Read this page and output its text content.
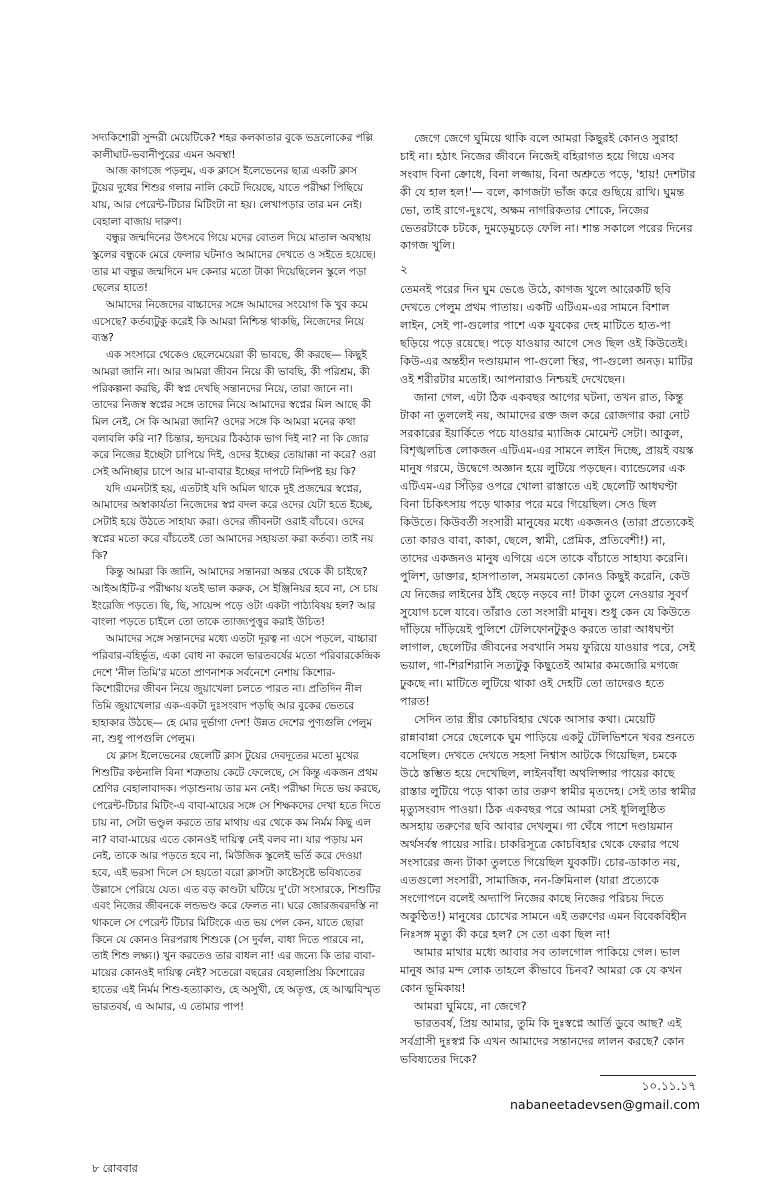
সদ্যকিশোরী সুন্দরী মেয়েটিকে? শহর কলকাতার বুকে ভদ্রলোকের পল্লি কালীঘাট-ভবানীপুরের এমন অবস্থা!

আজ কাগজে পড়লুম, এক ক্লাসে ইলেভেনের ছাত্র একটি ক্লাস টুয়ের দুধের শিশুর গলার নালি কেটে দিয়েছে, যাতে পরীক্ষা পিছিয়ে যায়, আর পেরেন্ট-টিচার মিটিংটা না হয়। লেখাপড়ার তার মন নেই। বেহালা বাজায় দারুণ।

বন্ধুর জন্মদিনের উৎসবে গিয়ে মদের বোতল দিয়ে মাতাল অবস্থায় স্কুলের বন্ধুকে মেরে ফেলার ঘটনাও আমাদের দেখতে ও সইতে হয়েছে। তার মা বন্ধুর জন্মদিনে মদ কেনার মতো টাকা দিয়েছিলেন স্কুলে পড়া ছেলের হাতে!

আমাদের নিজেদের বাচ্চাদের সঙ্গে আমাদের সংযোগ কি খুব কমে এসেছে? কর্তব্যটুকু করেই কি আমরা নিশ্চিন্ত থাকছি, নিজেদের নিয়ে ব্যস্ত?

এক সংসারে থেকেও ছেলেমেয়েরা কী ভাবছে, কী করছে— কিছুই আমরা জানি না। আর আমরা জীবন নিয়ে কী ভাবছি, কী পরিশ্রম, কী পরিকল্পনা করছি, কী স্বপ্ন দেখছি সন্তানদের নিয়ে, তারা জানে না। তাদের নিজস্ব স্বপ্নের সঙ্গে তাদের নিয়ে আমাদের স্বপ্নের মিল আছে কী মিল নেই, সে কি আমরা জানি? ওদের সঙ্গে কি আমরা মনের কথা বলাবলি করি না? চিন্তার, হৃদয়ের ঠিকঠাক ভাগ দিই না? না কি জোর করে নিজের ইচ্ছেটা চাপিয়ে দিই, ওদের ইচ্ছের তোয়াক্কা না করে? ওরা সেই অনিচ্ছার চাপে আর মা-বাবার ইচ্ছের দাপটে নিষ্পিষ্ট হয় কি?

যদি এমনটাই হয়, এতটাই যদি অমিল থাকে দুই প্রজন্মের স্বপ্নের, আমাদের অস্বাকার্যতা নিজেদের স্বপ্ন বদল করে ওদের যেটা হতে ইচ্ছে, সেটাই হয়ে উঠতে সাহায্য করা। ওদের জীবনটা ওরাই বাঁচবে। ওদের স্বপ্নের মতো করে বাঁচতেই তো আমাদের সহায়তা করা কর্তব্য। তাই নয় কি?

কিন্তু আমরা কি জানি, আমাদের সন্তানরা অন্তর থেকে কী চাইছে? আইআইটি-র পরীক্ষায় যতই ভাল করুক, সে ইঞ্জিনিয়র হবে না, সে চায় ইংরেজি পড়তে। ছি, ছি, সায়েন্স পড়ে ওটা একটা পাঠ্যবিষয় হল? আর বাংলা পড়তে চাইলে তো তাকে ত্যাজ্যপুত্তুর করাই উচিত!

আমাদের সঙ্গে সন্তানদের মধ্যে এতটা দূরত্ব না এসে পড়লে, বাচ্চারা পরিবার-বহির্ভূত, একা বোধ না করলে ভারতবর্ষের মতো পরিবারকেন্দ্রিক দেশে 'নীল তিমি'র মতো প্রাণনাশক সর্বনেশে নেশায় কিশোর-কিশোরীদের জীবন নিয়ে জুয়াখেলা চলতে পারত না। প্রতিদিন নীল তিমি জুয়াখেলার এক-একটা দুঃসংবাদ পড়ছি আর বুকের ভেতরে হাহাকার উঠছে— হে মোর দুর্ভাগা দেশ! উন্নত দেশের পুণ্যগুলি পেলুম না, শুধু পাপগুলি পেলুম।

যে ক্লাস ইলেভেনের ছেলেটি ক্লাস টুয়ের দেবদূতের মতো মুখের শিশুটির কণ্ঠনালি বিনা শত্রুতায় কেটে ফেলেছে, সে কিন্তু একজন প্রথম শ্রেণির বেহালাবাদক। পড়াশুনায় তার মন নেই। পরীক্ষা দিতে ভয় করছে, পেরেন্ট-টিচার মিটিং-এ বাবা-মায়ের সঙ্গে সে শিক্ষকদের দেখা হতে দিতে চায় না, সেটা ভণ্ডুল করতে তার মাথায় এর থেকে কম নির্মম কিছু এল না? বাবা-মায়ের এতে কোনওই দায়িত্ব নেই বলব না। যার পড়ায় মন নেই, তাকে আর পড়তে হবে না, মিউজিক স্কুলেই ভর্তি করে দেওয়া হবে, এই ভরসা দিলে সে হয়তো বরো ক্লাসটা কাষ্টেসৃষ্টে ভবিষ্যতের উল্লাসে পেরিয়ে যেত। এত বড় কাণ্ডটা ঘটিয়ে দু'টো সংসারকে, শিশুটির এবং নিজের জীবনকে লন্ডভণ্ড করে ফেলত না। ঘরে জোরজবরদস্তি না থাকলে সে পেরেন্ট টিচার মিটিংকে এত ভয় পেল কেন, যাতে ছোরা কিনে যে কোনও নিরপরাধ শিশুকে (সে দুর্বল, বাধা দিতে পারবে না, তাই শিশু লক্ষ্য।) খুন করতেও তার বাধল না! এর জন্যে কি তার বাবা-মায়ের কোনওই দায়িত্ব নেই? সতেরো বছরের বেহালাপ্রিয় কিশোরের হাতের এই নির্মম শিশু-হত্যাকাণ্ড, হে অসুখী, হে অতৃপ্ত, হে আত্মবিস্মৃত ভারতবর্ষ, এ আমার, এ তোমার পাপ!

জেগে জেগে ঘুমিয়ে থাকি বলে আমরা কিছুরই কোনও সুরাহা চাই না। হঠাৎ নিজের জীবনে নিজেই বহিরাগত হয়ে গিয়ে এসব সংবাদ বিনা ক্রোধে, বিনা লজ্জায়, বিনা অশ্রুতে পড়ে, 'হায়! দেশটার কী যে হাল হল!'— বলে, কাগজটা ভাঁজ করে গুছিয়ে রাখি। ঘুমন্ত ভো, তাই রাগে-দুঃখে, অক্ষম নাগরিকতার শোকে, নিজের ভেতরটাকে চটকে, দুমড়েমুচড়ে ফেলি না। শান্ত সকালে পরের দিনের কাগজ খুলি।

২

তেমনই পরের দিন ঘুম ভেঙে উঠে, কাগজ খুলে আরেকটি ছবি দেখতে পেলুম প্রথম পাতায়। একটি এটিএম-এর সামনে বিশাল লাইন, সেই পা-গুলোর পাশে এক যুবকের দেহ মাটিতে হাত-পা ছড়িয়ে পড়ে রয়েছে। পড়ে যাওয়ার আগে সেও ছিল ওই কিউতেই। কিউ-এর অন্তহীন দণ্ডায়মান পা-গুলো স্থির, পা-গুলো অনড়। মাটির ওই শরীরটার মতোই। আপনারাও নিশ্চয়ই দেখেছেন।

জানা গেল, এটা ঠিক একবছর আগের ঘটনা, তখন রাত, কিন্তু টাকা না তুললেই নয়, আমাদের রক্ত জল করে রোজগার করা নোট সরকারের ইয়ার্কিতে পচে যাওয়ার ম্যাজিক মোমেন্ট সেটা। আকুল, বিশৃঙ্খলচিত্ত লোকজন এটিএম-এর সামনে লাইন দিচ্ছে, প্রায়ই বয়স্ক মানুষ গরমে, উদ্বেগে অজ্ঞান হয়ে লুটিয়ে পড়ছেন। ব্যান্ডেলের এক এটিএম-এর সিঁড়ির ওপরে খোলা রাস্তাতে এই ছেলেটি আধঘণ্টা বিনা চিকিৎসায় পড়ে থাকার পরে মরে গিয়েছিল। সেও ছিল কিউতে। কিউবর্তী সংসারী মানুষের মধ্যে একজনও (তারা প্রত্যেকেই তো কারও বাবা, কাকা, ছেলে, স্বামী, প্রেমিক, প্রতিবেশী!) না, তাদের একজনও মানুষ এগিয়ে এসে তাকে বাঁচাতে সাহায্য করেনি। পুলিশ, ডাক্তার, হাসপাতাল, সময়মতো কোনও কিছুই করেনি, কেউ যে নিজের লাইনের ঠাঁই ছেড়ে নড়বে না! টাকা তুলে নেওয়ার সুবর্ণ সুযোগ চলে যাবে। তাঁরাও তো সংসারী মানুষ। শুধু কেন যে কিউতে দাঁড়িয়ে দাঁড়িয়েই পুলিশে টেলিফোনটুকুও করতে তারা আধঘণ্টা লাগাল, ছেলেটির জীবনের সবখানি সময় ফুরিয়ে যাওয়ার পরে, সেই ভয়াল, গা-শিরশিরানি সত্যটুকু কিছুতেই আমার কমজোরি মগজে ঢুকছে না। মাটিতে লুটিয়ে থাকা ওই দেহটি তো তাদেরও হতে পারত!

সেদিন তার স্ত্রীর কোচবিহার থেকে আসার কথা। মেয়েটি রান্নাবান্না সেরে ছেলেকে ঘুম পাড়িয়ে একটু টেলিভিশনে খবর শুনতে বসেছিল। দেখতে দেখতে সহসা নিশ্বাস আটকে গিয়েছিল, চমকে উঠে স্তম্ভিত হয়ে দেখেছিল, লাইনবাঁধা অথলিপ্সার পায়ের কাছে রাস্তার লুটিয়ে পড়ে থাকা তার তরুণ স্বামীর মৃতদেহ। সেই তার স্বামীর মৃত্যুসংবাদ পাওয়া। ঠিক একবছর পরে আমরা সেই ধূলিলুষ্ঠিত অসহায় তরুণের ছবি আবার দেখলুম। গা ঘেঁষে পাশে দণ্ডায়মান অর্থসর্বস্ব পায়ের সারি। চাকরিসূত্রে কোচবিহার থেকে ফেরার পথে সংসারের জন্য টাকা তুলতে গিয়েছিল যুবকটি। চোর-ডাকাত নয়, এতগুলো সংসারী, সামাজিক, নন-ক্রিমিনাল (যারা প্রত্যেকে সংগোপনে বলেই অদ্যাপি নিজের কাছে নিজের পরিচয় দিতে অকুণ্ঠিত!) মানুষের চোখের সামনে এই তরুণের এমন বিবেকবিহীন নিঃসঙ্গ মৃত্যু কী করে হল? সে তো একা ছিল না!

আমার মাথার মধ্যে আবার সব তালগোল পাকিয়ে গেল। ভাল মানুষ আর মন্দ লোক তাহলে কীভাবে চিনব? আমরা কে যে কখন কোন ভূমিকায়!

আমরা ঘুমিয়ে, না জেগে?

ভারতবর্ষ, প্রিয় আমার, তুমি কি দুঃস্বপ্নে আর্তি ডুবে আছ? এই সর্বগ্রাসী দুঃস্বপ্ন কি এখন আমাদের সন্তানদের লালন করছে? কোন ভবিষ্যতের দিকে?

১০.১১.১৭
nabaneetadevsen@gmail.com
৮ রোববার
